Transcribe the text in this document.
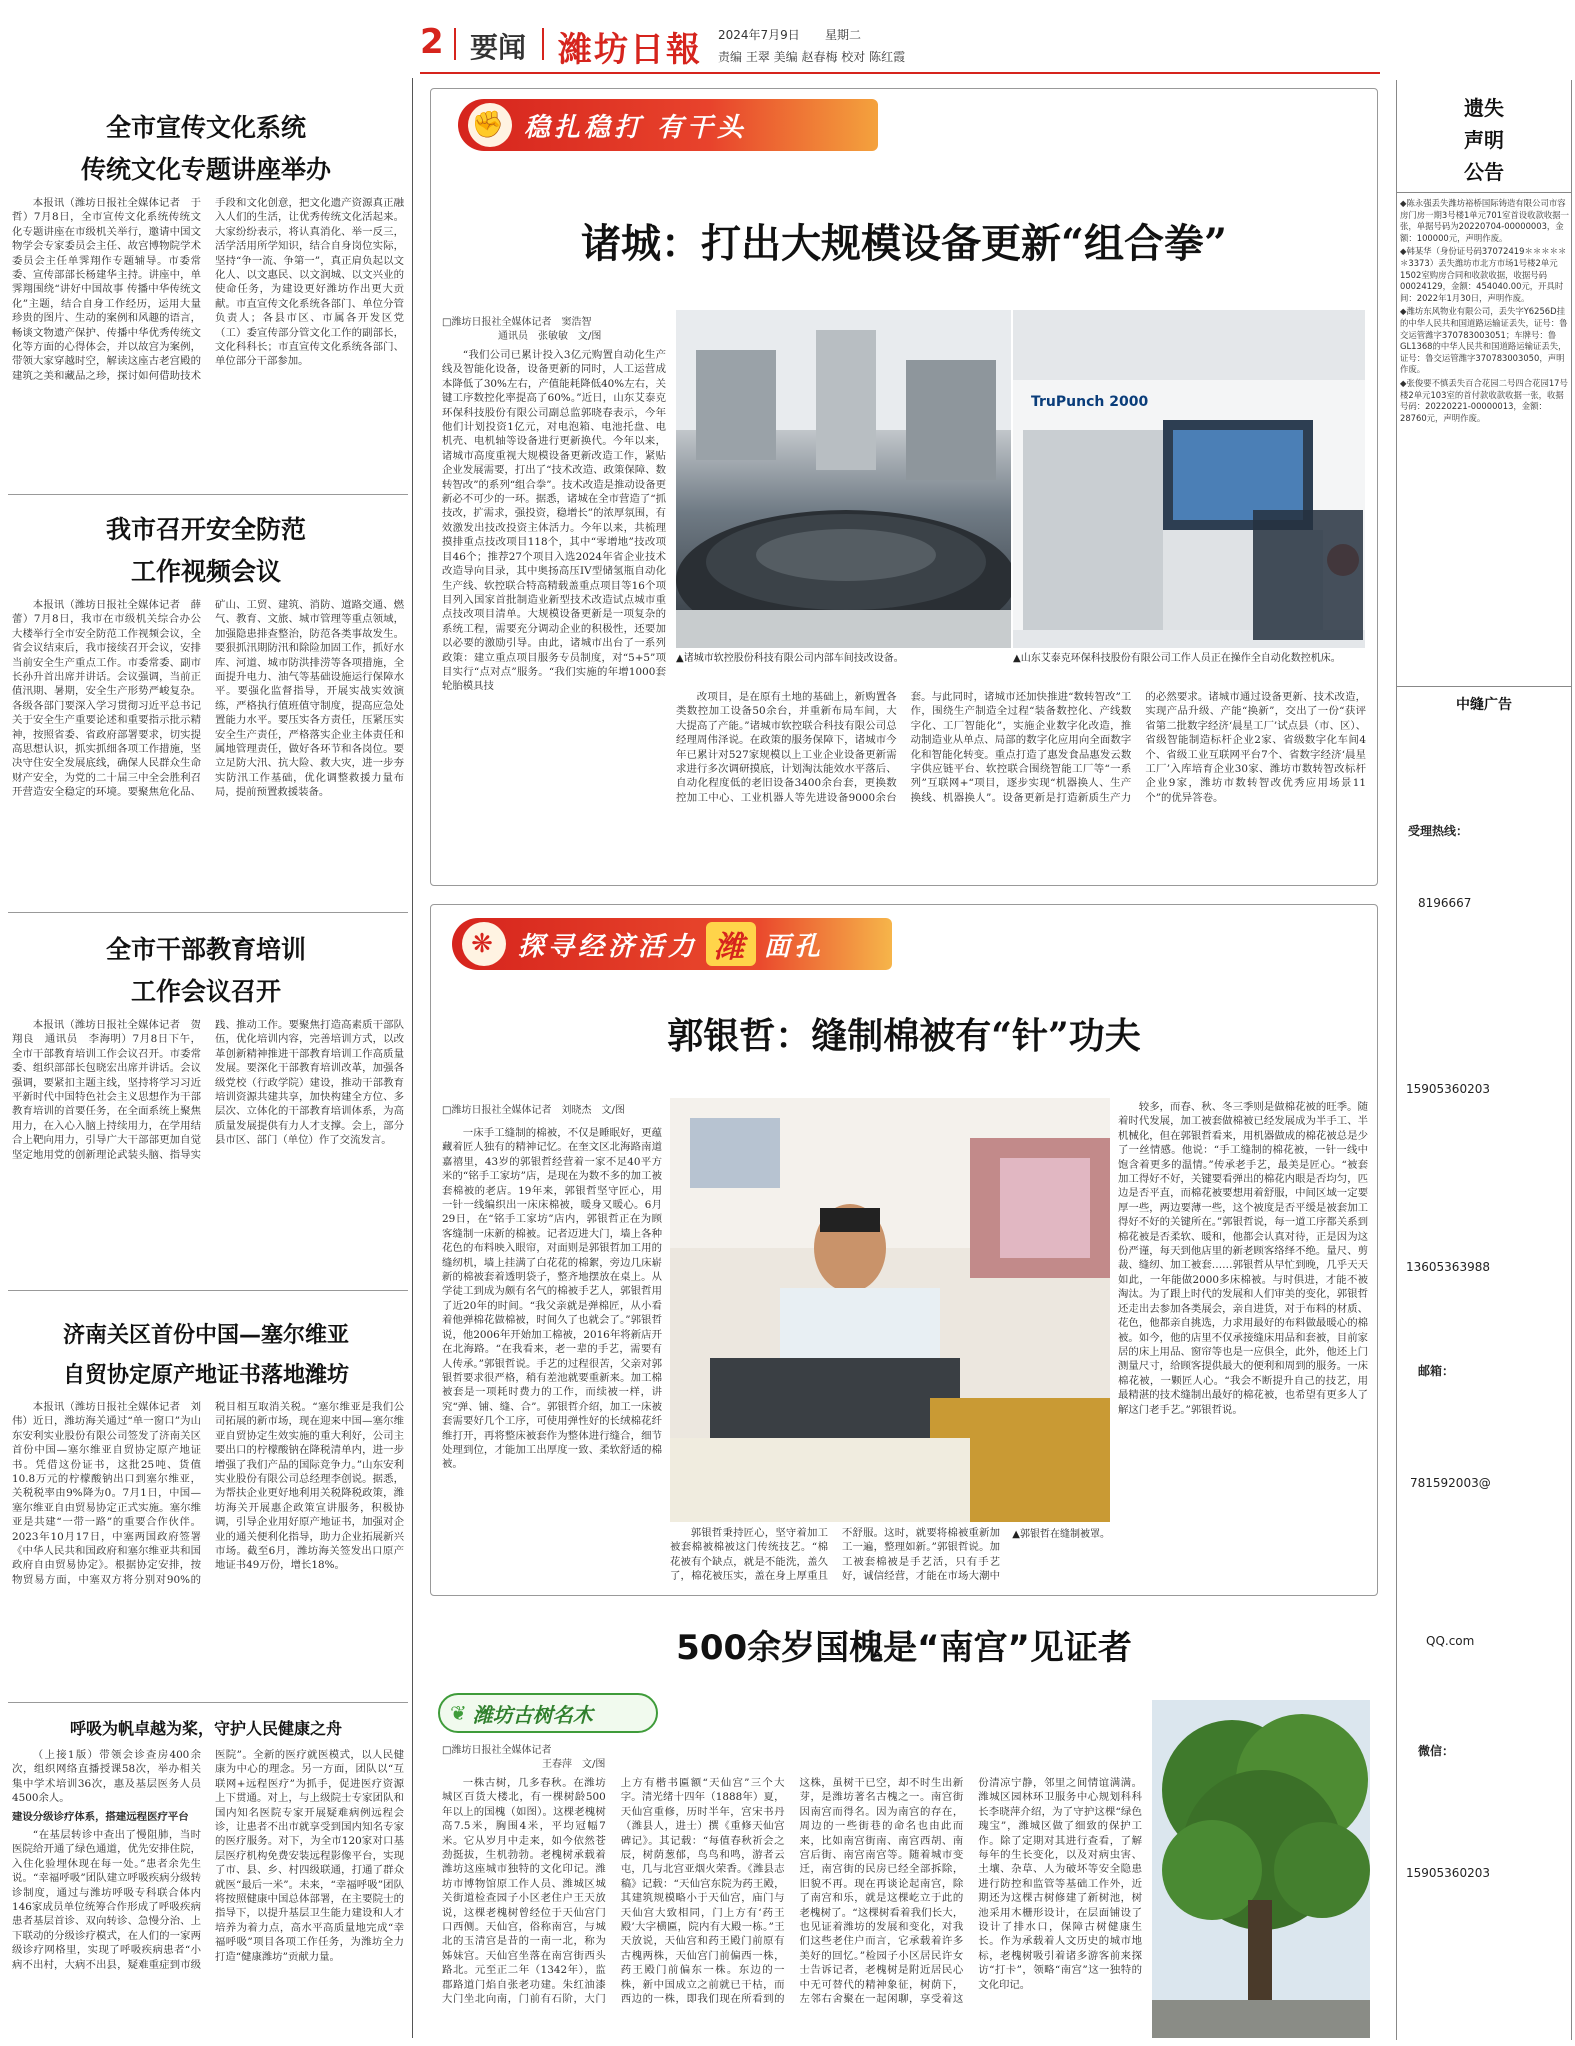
2 要闻 濰坊日報 2024年7月9日 星期二
责编 王翠 美编 赵春梅 校对 陈红霞
全市宣传文化系统
传统文化专题讲座举办

本报讯（潍坊日报社全媒体记者　于哲）7月8日，全市宣传文化系统传统文化专题讲座在市级机关举行，邀请中国文物学会专家委员会主任、故宫博物院学术委员会主任单霁翔作专题辅导。市委常委、宣传部部长杨建华主持。讲座中，单霁翔围绕“讲好中国故事 传播中华传统文化”主题，结合自身工作经历，运用大量珍贵的图片、生动的案例和风趣的语言，畅谈文物遗产保护、传播中华优秀传统文化等方面的心得体会，并以故宫为案例，带领大家穿越时空，解读这座古老宫殿的建筑之美和藏品之珍，探讨如何借助技术手段和文化创意，把文化遗产资源真正融入人们的生活，让优秀传统文化活起来。大家纷纷表示，将认真消化、举一反三，活学活用所学知识，结合自身岗位实际，坚持“争一流、争第一”，真正肩负起以文化人、以文惠民、以文润城、以文兴业的使命任务，为建设更好潍坊作出更大贡献。市直宣传文化系统各部门、单位分管负责人；各县市区、市属各开发区党（工）委宣传部分管文化工作的副部长，文化科科长；市直宣传文化系统各部门、单位部分干部参加。

我市召开安全防范
工作视频会议

本报讯（潍坊日报社全媒体记者　薛蕾）7月8日，我市在市级机关综合办公大楼举行全市安全防范工作视频会议，全省会议结束后，我市接续召开会议，安排当前安全生产重点工作。市委常委、副市长孙升首出席并讲话。会议强调，当前正值汛期、暑期，安全生产形势严峻复杂。各级各部门要深入学习贯彻习近平总书记关于安全生产重要论述和重要指示批示精神，按照省委、省政府部署要求，切实提高思想认识，抓实抓细各项工作措施，坚决守住安全发展底线，确保人民群众生命财产安全，为党的二十届三中全会胜利召开营造安全稳定的环境。要聚焦危化品、矿山、工贸、建筑、消防、道路交通、燃气、教育、文旅、城市管理等重点领域，加强隐患排查整治，防范各类事故发生。要狠抓汛期防汛和除险加固工作，抓好水库、河道、城市防洪排涝等各项措施，全面提升电力、油气等基础设施运行保障水平。要强化监督指导，开展实战实效演练，严格执行值班值守制度，提高应急处置能力水平。要压实各方责任，压紧压实安全生产责任，严格落实企业主体责任和属地管理责任，做好各环节和各岗位。要立足防大汛、抗大险、救大灾，进一步夯实防汛工作基础，优化调整救援力量布局，提前预置救援装备。

全市干部教育培训
工作会议召开

本报讯（潍坊日报社全媒体记者　贺翔良　通讯员　李海明）7月8日下午，全市干部教育培训工作会议召开。市委常委、组织部部长包晓宏出席并讲话。会议强调，要紧扣主题主线，坚持将学习习近平新时代中国特色社会主义思想作为干部教育培训的首要任务，在全面系统上聚焦用力，在入心入脑上持续用力，在学用结合上靶向用力，引导广大干部部更加自觉坚定地用党的创新理论武装头脑、指导实践、推动工作。要聚焦打造高素质干部队伍，优化培训内容，完善培训方式，以改革创新精神推进干部教育培训工作高质量发展。要深化干部教育培训改革，加强各级党校（行政学院）建设，推动干部教育培训资源共建共享，加快构建全方位、多层次、立体化的干部教育培训体系，为高质量发展提供有力人才支撑。会上，部分县市区、部门（单位）作了交流发言。

济南关区首份中国—塞尔维亚
自贸协定原产地证书落地潍坊

本报讯（潍坊日报社全媒体记者　刘伟）近日，潍坊海关通过“单一窗口”为山东安利实业股份有限公司签发了济南关区首份中国—塞尔维亚自贸协定原产地证书。凭借这份证书，这批25吨、货值10.8万元的柠檬酸钠出口到塞尔维亚，关税税率由9%降为0。7月1日，中国—塞尔维亚自由贸易协定正式实施。塞尔维亚是共建“一带一路”的重要合作伙伴。2023年10月17日，中塞两国政府签署《中华人民共和国政府和塞尔维亚共和国政府自由贸易协定》。根据协定安排，按物贸易方面，中塞双方将分别对90%的税目相互取消关税。“塞尔维亚是我们公司拓展的新市场，现在迎来中国—塞尔维亚自贸协定生效实施的重大利好，公司主要出口的柠檬酸钠在降税清单内，进一步增强了我们产品的国际竞争力。”山东安利实业股份有限公司总经理李创说。据悉，为帮扶企业更好地利用关税降税政策，潍坊海关开展惠企政策宣讲服务，积极协调，引导企业用好原产地证书，加强对企业的通关便利化指导，助力企业拓展新兴市场。截至6月，潍坊海关签发出口原产地证书49万份，增长18%。

呼吸为帆卓越为桨，守护人民健康之舟

（上接1版）带领会诊查房400余次，组织网络直播授课58次，举办相关集中学术培训36次，惠及基层医务人员4500余人。

建设分级诊疗体系，搭建远程医疗平台

“在基层转诊中查出了慢阻肺，当时医院给开通了绿色通道，优先安排住院，入住化验埋休现在每一处。”患者余先生说。“幸福呼吸”团队建立呼吸疾病分级转诊制度，通过与潍坊呼吸专科联合体内146家成员单位统筹合作形成了呼吸疾病患者基层首诊、双向转诊、急慢分治、上下联动的分级诊疗模式，在人们的一家两级诊疗网格里，实现了呼吸疾病患者“小病不出村，大病不出县，疑难重症到市级医院”。全新的医疗就医模式，以人民健康为中心的理念。另一方面，团队以“互联网+远程医疗”为抓手，促进医疗资源上下贯通。对上，与上级院士专家团队和国内知名医院专家开展疑难病例远程会诊，让患者不出市就享受到国内知名专家的医疗服务。对下，为全市120家对口基层医疗机构免费安装远程影像平台，实现了市、县、乡、村四级联通，打通了群众就医“最后一米”。未来，“幸福呼吸”团队将按照健康中国总体部署，在主要院士的指导下，以提升基层卫生能力建设和人才培养为着力点，高水平高质量地完成“幸福呼吸”项目各项工作任务，为潍坊全力打造“健康潍坊”贡献力量。

✊ 稳扎稳打 有干头
诸城：打出大规模设备更新“组合拳”
□潍坊日报社全媒体记者　窦浩智
通讯员　张敏敏　文/图
TruPunch 2000
▲诸城市软控股份科技有限公司内部车间技改设备。	▲山东艾泰克环保科技股份有限公司工作人员正在操作全自动化数控机床。

“我们公司已累计投入3亿元购置自动化生产线及智能化设备，设备更新的同时，人工运营成本降低了30%左右，产值能耗降低40%左右，关键工序数控化率提高了60%。”近日，山东艾泰克环保科技股份有限公司副总监郭晓春表示，今年他们计划投资1亿元，对电泡箱、电池托盘、电机壳、电机轴等设备进行更新换代。今年以来，诸城市高度重视大规模设备更新改造工作，紧贴企业发展需要，打出了“技术改造、政策保障、数转智改”的系列“组合拳”。技术改造是推动设备更新必不可少的一环。据悉，诸城在全市营造了“抓技改，扩需求，强投资，稳增长”的浓厚氛围，有效激发出技改投资主体活力。今年以来，共梳理摸排重点技改项目118个，其中“零增地”技改项目46个；推荐27个项目入选2024年省企业技术改造导向目录，其中奥扬高压IV型储氢瓶自动化生产线、软控联合特高精载盖重点项目等16个项目列入国家首批制造业新型技术改造试点城市重点技改项目清单。大规模设备更新是一项复杂的系统工程，需要充分调动企业的积极性，还要加以必要的激励引导。由此，诸城市出台了一系列政策：建立重点项目服务专员制度，对“5+5”项目实行“点对点”服务。“我们实施的年增1000套轮胎模具技

改项目，是在原有土地的基础上，新购置各类数控加工设备50余台，并重新布局车间，大大提高了产能。”诸城市软控联合科技有限公司总经理周伟泽说。在政策的服务保障下，诸城市今年已累计对527家规模以上工业企业设备更新需求进行多次调研摸底，计划淘汰能效水平落后、自动化程度低的老旧设备3400余台套，更换数控加工中心、工业机器人等先进设备9000余台套。与此同时，诸城市还加快推进“数转智改”工作，围绕生产制造全过程“装备数控化、产线数字化、工厂智能化”，实施企业数字化改造，推动制造业从单点、局部的数字化应用向全面数字化和智能化转变。重点打造了惠发食品惠发云数字供应链平台、软控联合围绕智能工厂等“一系列”互联网+“项目，逐步实现“机器换人、生产换线、机器换人”。设备更新是打造新质生产力的必然要求。诸城市通过设备更新、技术改造，实现产品升级、产能“换新”，交出了一份“获评省第二批数字经济‘晨星工厂’试点县（市、区）、省级智能制造标杆企业2家、省级数字化车间4个、省级工业互联网平台7个、省数字经济‘晨星工厂’入库培育企业30家、潍坊市数转智改标杆企业9家，潍坊市数转智改优秀应用场景11个”的优异答卷。

❋ 探寻经济活力 潍 面孔
郭银哲：缝制棉被有“针”功夫
□潍坊日报社全媒体记者　刘晓杰　文/图
▲郭银哲在缝制被罩。

一床手工缝制的棉被，不仅是睡眠好，更蕴藏着匠人独有的精神记忆。在奎文区北海路南道嘉禧里，43岁的郭银哲经营着一家不足40平方米的“铭手工家坊”店，是现在为数不多的加工被套棉被的老店。19年来，郭银哲坚守匠心，用一针一线编织出一床床棉被，暖身又暖心。6月29日，在“铭手工家坊”店内，郭银哲正在为顾客缝制一床新的棉被。记者迈进大门，墙上各种花色的布料映入眼帘，对面则是郭银哲加工用的缝纫机，墙上挂满了白花花的棉絮，旁边几床崭新的棉被套着透明袋子，整齐地摆放在桌上。从学徒工到成为颇有名气的棉被手艺人，郭银哲用了近20年的时间。“我父亲就是弹棉匠，从小看着他弹棉花做棉被，时间久了也就会了。”郭银哲说，他2006年开始加工棉被，2016年将新店开在北海路。“在我看来，老一辈的手艺，需要有人传承。”郭银哲说。手艺的过程很苦，父亲对郭银哲要求很严格，稍有差池就要重新来。加工棉被套是一项耗时费力的工作，而续被一样，讲究“弹、铺、缝、合”。郭银哲介绍，加工一床被套需要好几个工序，可使用弹性好的长绒棉花纤维打开，再将整床被套作为整体进行缝合，细节处理到位，才能加工出厚度一致、柔软舒适的棉被。

郭银哲秉持匠心，坚守着加工被套棉被棉被这门传统技艺。“棉花被有个缺点，就是不能洗，盖久了，棉花被压实，盖在身上厚重且不舒服。这时，就要将棉被重新加工一遍，整理如新。”郭银哲说。加工被套棉被是手艺活，只有手艺好，诚信经营，才能在市场大潮中

较多，而春、秋、冬三季则是做棉花被的旺季。随着时代发展，加工被套做棉被已经发展成为半手工、半机械化，但在郭银哲看来，用机器做成的棉花被总是少了一丝情感。他说：“手工缝制的棉花被，一针一线中饱含着更多的温情。”传承老手艺，最美是匠心。“被套加工得好不好，关键要看弹出的棉花内眼是否均匀，匹边是否平直，而棉花被要想用着舒服，中间区域一定要厚一些，两边要薄一些，这个被度是否平缓是被套加工得好不好的关键所在。”郭银哲说，每一道工序都关系到棉花被是否柔软、暖和，他都会认真对待，正是因为这份严谨，每天到他店里的新老顾客络绎不绝。量尺、剪裁、缝纫、加工被套……郭银哲从早忙到晚，几乎天天如此，一年能做2000多床棉被。与时俱进，才能不被淘汰。为了跟上时代的发展和人们审美的变化，郭银哲还走出去参加各类展会，亲自进货，对于布料的材质、花色，他都亲自挑选，力求用最好的布料做最暖心的棉被。如今，他的店里不仅承接缝床用品和套被，目前家居的床上用品、窗帘等也是一应俱全，此外，他还上门测量尺寸，给顾客提供最大的便利和周到的服务。一床棉花被，一颗匠人心。“我会不断提升自己的技艺，用最精湛的技术缝制出最好的棉花被，也希望有更多人了解这门老手艺。”郭银哲说。

500余岁国槐是“南宫”见证者
❦ 潍坊古树名木
□潍坊日报社全媒体记者
王春萍　文/图

一株古树，几多春秋。在潍坊城区百货大楼北，有一棵树龄500年以上的国槐（如图）。这棵老槐树高7.5米，胸围4米，平均冠幅7米。它从岁月中走来，如今依然苍劲挺拔，生机勃勃。老槐树承载着潍坊这座城市独特的文化印记。潍坊市博物馆原工作人员、潍城区城关街道检查园子小区老住户王天放说，这棵老槐树曾经位于天仙宫门口西侧。天仙宫，俗称南宫，与城北的玉清宫是昔的一南一北，称为姊妹宫。天仙宫坐落在南宫街西头路北。元至正二年（1342年），监郡路道门焰自张老功建。朱红油漆大门坐北向南，门前有石阶，大门上方有楷书匾额“天仙宫”三个大字。清光绪十四年（1888年）夏，天仙宫重修，历时半年，宫宋书丹（潍县人，进士）撰《重修天仙宫碑记》。其记载：“每值春秋祈会之辰，树荫葱郁，鸟鸟和鸣，游者云屯，几与北宫亚烟火荣香。《潍县志稿》记载：“天仙宫东院为药王殿，其建筑规模略小于天仙宫，庙门与天仙宫大致相同，门上方有‘药王殿’大字横匾，院内有大殿一栋。”王天放说，天仙宫和药王殿门前原有古槐两株，天仙宫门前偏西一株，药王殿门前偏东一株。东边的一株，新中国成立之前就已干枯，而西边的一株，即我们现在所看到的这株，虽树干已空，却不时生出新芽，是潍坊著名古槐之一。南宫街因南宫而得名。因为南宫的存在，周边的一些街巷的命名也由此而来，比如南宫街南、南宫西胡、南宫后街、南宫南宫等。随着城市变迁，南宫街的民房已经全部拆除，旧貌不再。现在再谈论起南宫，除了南宫和乐，就是这棵屹立于此的老槐树了。“这棵树看着我们长大，也见证着潍坊的发展和变化，对我们这些老住户而言，它承载着许多美好的回忆。”检园子小区居民许女士告诉记者，老槐树是附近居民心中无可替代的精神象征，树荫下，左邻右舍聚在一起闲聊，享受着这份清凉宁静，邻里之间情谊满满。潍城区园林环卫服务中心规划科科长李晓萍介绍，为了守护这棵“绿色瑰宝”，潍城区做了细致的保护工作。除了定期对其进行查看，了解每年的生长变化，以及对病虫害、土壤、杂草、人为破坏等安全隐患进行防控和监管等基础工作外，近期还为这棵古树修建了新树池，树池采用木栅形设计，在层面铺设了设计了排水口，保障古树健康生长。作为承载着人文历史的城市地标，老槐树吸引着诸多游客前来探访“打卡”，领略“南宫”这一独特的文化印记。

遗失
声明
公告
◆陈永强丢失潍坊裕桥国际铸造有限公司市容房门房一期3号楼1单元701室首设收款收据一张，单据号码为20220704-00000003，金额：100000元，声明作废。
◆韩某华（身份证号码37072419＊＊＊＊＊＊3373）丢失潍坊市北方市场1号楼2单元1502室购房合同和收款收据，收据号码00024129，金额：454040.00元，开具时间：2022年1月30日，声明作废。
◆潍坊东风物业有限公司，丢失字Y6256D挂的中华人民共和国道路运输证丢失，证号：鲁交运管潍字370783003051；车牌号：鲁GL1368的中华人民共和国道路运输证丢失，证号：鲁交运管潍字370783003050，声明作废。
◆张俊要不慎丢失百合花园二号四合花园17号楼2单元103室的首付款收款收据一张，收据号码：20220221-00000013，金额：28760元，声明作废。
中缝广告
受理热线：
8196667
15905360203
13605363988
邮箱：
781592003@
QQ.com
微信：
15905360203
